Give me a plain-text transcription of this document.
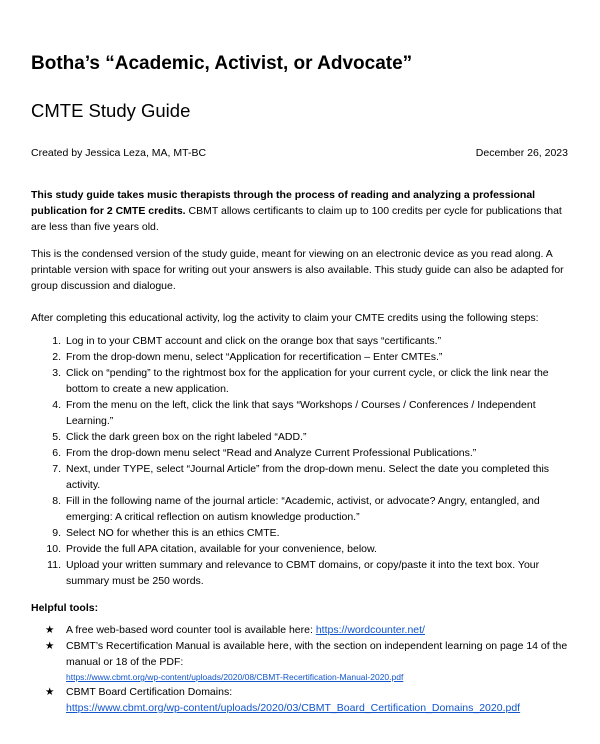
Botha’s “Academic, Activist, or Advocate”
CMTE Study Guide
Created by Jessica Leza, MA, MT-BC	December 26, 2023

This study guide takes music therapists through the process of reading and analyzing a professional publication for 2 CMTE credits. CBMT allows certificants to claim up to 100 credits per cycle for publications that are less than five years old.

This is the condensed version of the study guide, meant for viewing on an electronic device as you read along. A printable version with space for writing out your answers is also available. This study guide can also be adapted for group discussion and dialogue.

After completing this educational activity, log the activity to claim your CMTE credits using the following steps:

Log in to your CBMT account and click on the orange box that says “certificants.”
From the drop-down menu, select “Application for recertification – Enter CMTEs.”
Click on “pending” to the rightmost box for the application for your current cycle, or click the link near the bottom to create a new application.
From the menu on the left, click the link that says “Workshops / Courses / Conferences / Independent Learning.”
Click the dark green box on the right labeled “ADD.”
From the drop-down menu select “Read and Analyze Current Professional Publications.”
Next, under TYPE, select “Journal Article” from the drop-down menu. Select the date you completed this activity.
Fill in the following name of the journal article: “Academic, activist, or advocate? Angry, entangled, and emerging: A critical reflection on autism knowledge production.”
Select NO for whether this is an ethics CMTE.
Provide the full APA citation, available for your convenience, below.
Upload your written summary and relevance to CBMT domains, or copy/paste it into the text box. Your summary must be 250 words.
Helpful tools:
★ A free web-based word counter tool is available here: https://wordcounter.net/
★ CBMT’s Recertification Manual is available here, with the section on independent learning on page 14 of the manual or 18 of the PDF:
https://www.cbmt.org/wp-content/uploads/2020/08/CBMT-Recertification-Manual-2020.pdf
★ CBMT Board Certification Domains:
https://www.cbmt.org/wp-content/uploads/2020/03/CBMT_Board_Certification_Domains_2020.pdf
